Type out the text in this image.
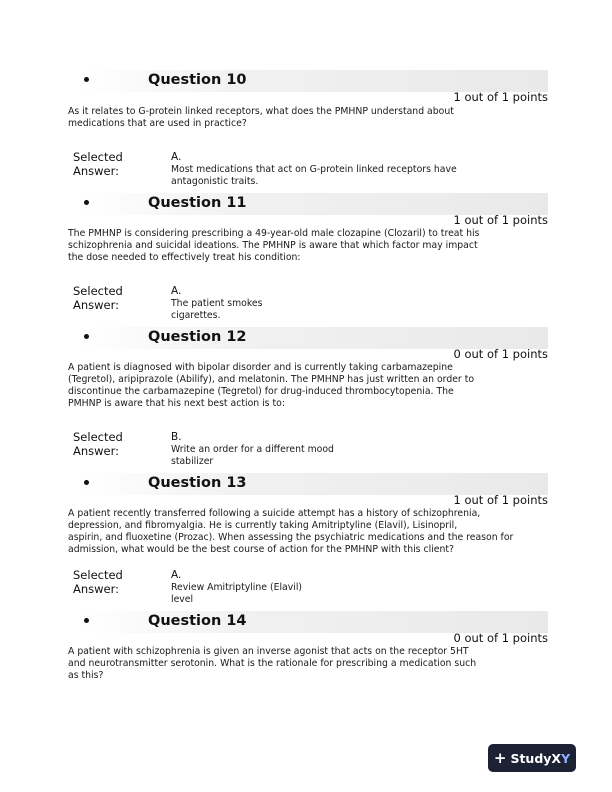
Question 10
1 out of 1 points
As it relates to G-protein linked receptors, what does the PMHNP understand about
medications that are used in practice?
Selected
Answer:
A.
Most medications that act on G-protein linked receptors have
antagonistic traits.
Question 11
1 out of 1 points
The PMHNP is considering prescribing a 49-year-old male clozapine (Clozaril) to treat his
schizophrenia and suicidal ideations. The PMHNP is aware that which factor may impact
the dose needed to effectively treat his condition:
Selected
Answer:
A.
The patient smokes
cigarettes.
Question 12
0 out of 1 points
A patient is diagnosed with bipolar disorder and is currently taking carbamazepine
(Tegretol), aripiprazole (Abilify), and melatonin. The PMHNP has just written an order to
discontinue the carbamazepine (Tegretol) for drug-induced thrombocytopenia. The
PMHNP is aware that his next best action is to:
Selected
Answer:
B.
Write an order for a different mood
stabilizer
Question 13
1 out of 1 points
A patient recently transferred following a suicide attempt has a history of schizophrenia,
depression, and fibromyalgia. He is currently taking Amitriptyline (Elavil), Lisinopril,
aspirin, and fluoxetine (Prozac). When assessing the psychiatric medications and the reason for
admission, what would be the best course of action for the PMHNP with this client?
Selected
Answer:
A.
Review Amitriptyline (Elavil)
level
Question 14
0 out of 1 points
A patient with schizophrenia is given an inverse agonist that acts on the receptor 5HT
and neurotransmitter serotonin. What is the rationale for prescribing a medication such
as this?
+ StudyXY
